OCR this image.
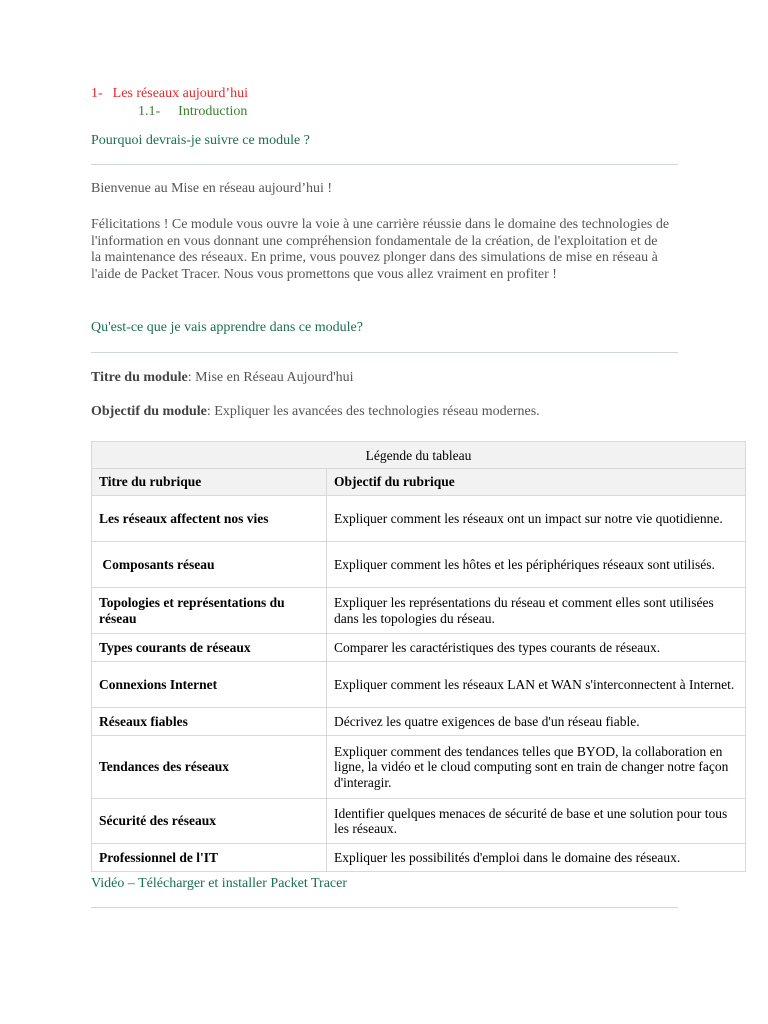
1- Les réseaux aujourd’hui
1.1- Introduction
Pourquoi devrais-je suivre ce module ?
Bienvenue au Mise en réseau aujourd’hui !
Félicitations ! Ce module vous ouvre la voie à une carrière réussie dans le domaine des technologies de l'information en vous donnant une compréhension fondamentale de la création, de l'exploitation et de la maintenance des réseaux. En prime, vous pouvez plonger dans des simulations de mise en réseau à l'aide de Packet Tracer. Nous vous promettons que vous allez vraiment en profiter !
Qu'est-ce que je vais apprendre dans ce module?
Titre du module: Mise en Réseau Aujourd'hui
Objectif du module: Expliquer les avancées des technologies réseau modernes.
Légende du tableau
Titre du rubrique	Objectif du rubrique
Les réseaux affectent nos vies	Expliquer comment les réseaux ont un impact sur notre vie quotidienne.
Composants réseau	Expliquer comment les hôtes et les périphériques réseaux sont utilisés.
Topologies et représentations du réseau	Expliquer les représentations du réseau et comment elles sont utilisées dans les topologies du réseau.
Types courants de réseaux	Comparer les caractéristiques des types courants de réseaux.
Connexions Internet	Expliquer comment les réseaux LAN et WAN s'interconnectent à Internet.
Réseaux fiables	Décrivez les quatre exigences de base d'un réseau fiable.
Tendances des réseaux	Expliquer comment des tendances telles que BYOD, la collaboration en ligne, la vidéo et le cloud computing sont en train de changer notre façon d'interagir.
Sécurité des réseaux	Identifier quelques menaces de sécurité de base et une solution pour tous les réseaux.
Professionnel de l'IT	Expliquer les possibilités d'emploi dans le domaine des réseaux.
Vidéo – Télécharger et installer Packet Tracer
